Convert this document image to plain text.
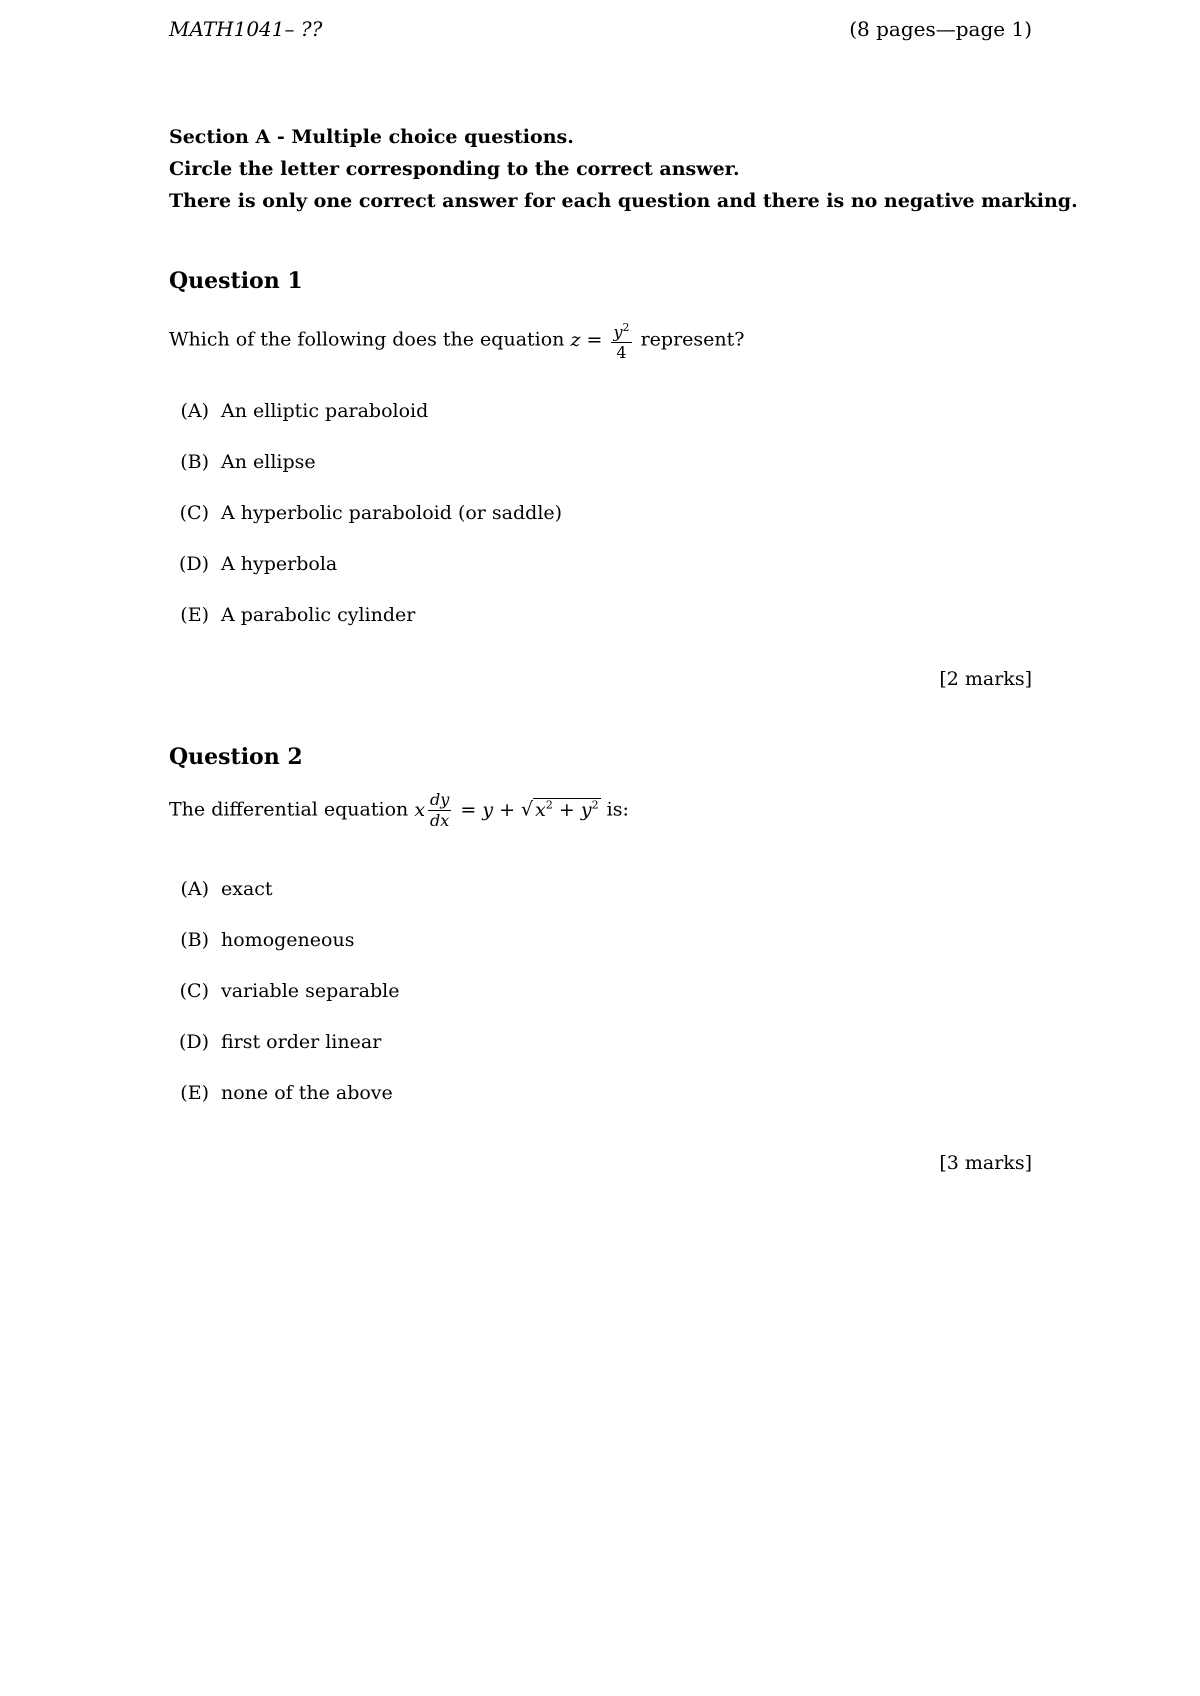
MATH1041– ??	(8 pages—page 1)
Section A - Multiple choice questions.
Circle the letter corresponding to the correct answer.
There is only one correct answer for each question and there is no negative marking.
Question 1
Which of the following does the equation $z = \frac{y^2}{4}$ represent?
(A) An elliptic paraboloid
(B) An ellipse
(C) A hyperbolic paraboloid (or saddle)
(D) A hyperbola
(E) A parabolic cylinder
[2 marks]
Question 2
The differential equation x $\frac{dy}{dx} = y$ + √ $x^2 + y^2$ is:
(A) exact
(B) homogeneous
(C) variable separable
(D) first order linear
(E) none of the above
[3 marks]
